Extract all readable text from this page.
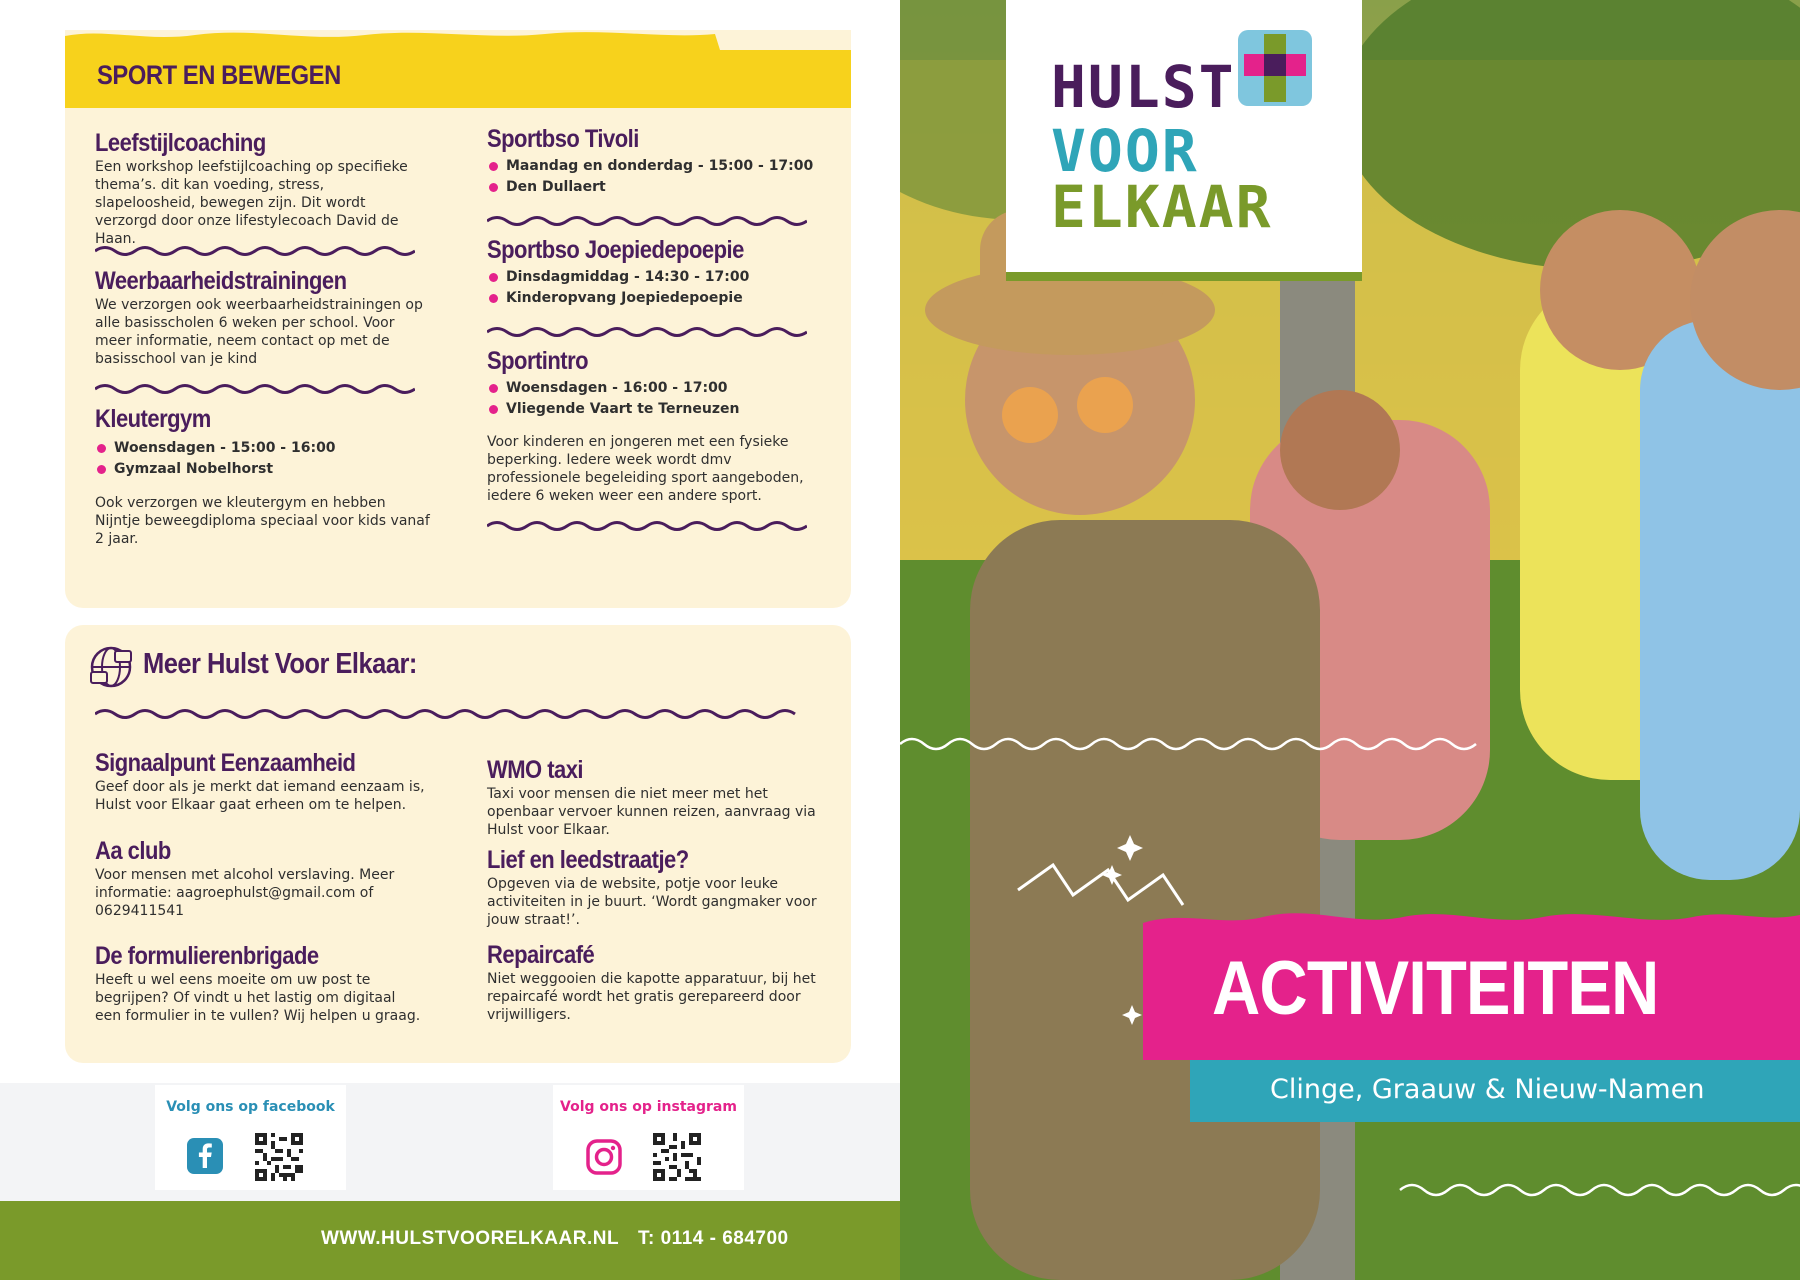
SPORT EN BEWEGEN
Leefstijlcoaching
Een workshop leefstijlcoaching op specifieke thema’s. dit kan voeding, stress, slapeloosheid, bewegen zijn. Dit wordt verzorgd door onze lifestylecoach David de Haan.
Weerbaarheidstrainingen
We verzorgen ook weerbaarheidstrainingen op alle basisscholen 6 weken per school. Voor meer informatie, neem contact op met de basisschool van je kind
Kleutergym
Woensdagen - 15:00 - 16:00
Gymzaal Nobelhorst
Ook verzorgen we kleutergym en hebben Nijntje beweegdiploma speciaal voor kids vanaf 2 jaar.
Sportbso Tivoli
Maandag en donderdag - 15:00 - 17:00
Den Dullaert
Sportbso Joepiedepoepie
Dinsdagmiddag - 14:30 - 17:00
Kinderopvang Joepiedepoepie
Sportintro
Woensdagen - 16:00 - 17:00
Vliegende Vaart te Terneuzen
Voor kinderen en jongeren met een fysieke beperking. Iedere week wordt dmv professionele begeleiding sport aangeboden, iedere 6 weken weer een andere sport.
Meer Hulst Voor Elkaar:
Signaalpunt Eenzaamheid
Geef door als je merkt dat iemand eenzaam is, Hulst voor Elkaar gaat erheen om te helpen.
Aa club
Voor mensen met alcohol verslaving. Meer informatie: aagroephulst@gmail.com of 0629411541
De formulierenbrigade
Heeft u wel eens moeite om uw post te begrijpen? Of vindt u het lastig om digitaal een formulier in te vullen? Wij helpen u graag.
WMO taxi
Taxi voor mensen die niet meer met het openbaar vervoer kunnen reizen, aanvraag via Hulst voor Elkaar.
Lief en leedstraatje?
Opgeven via de website, potje voor leuke activiteiten in je buurt. ‘Wordt gangmaker voor jouw straat!’.
Repaircafé
Niet weggooien die kapotte apparatuur, bij het repaircafé wordt het gratis gerepareerd door vrijwilligers.
Volg ons op facebook	Volg ons op instagram
WWW.HULSTVOORELKAAR.NL T: 0114 - 684700
HULST
VOOR
ELKAAR
ACTIVITEITEN
Clinge, Graauw & Nieuw-Namen
